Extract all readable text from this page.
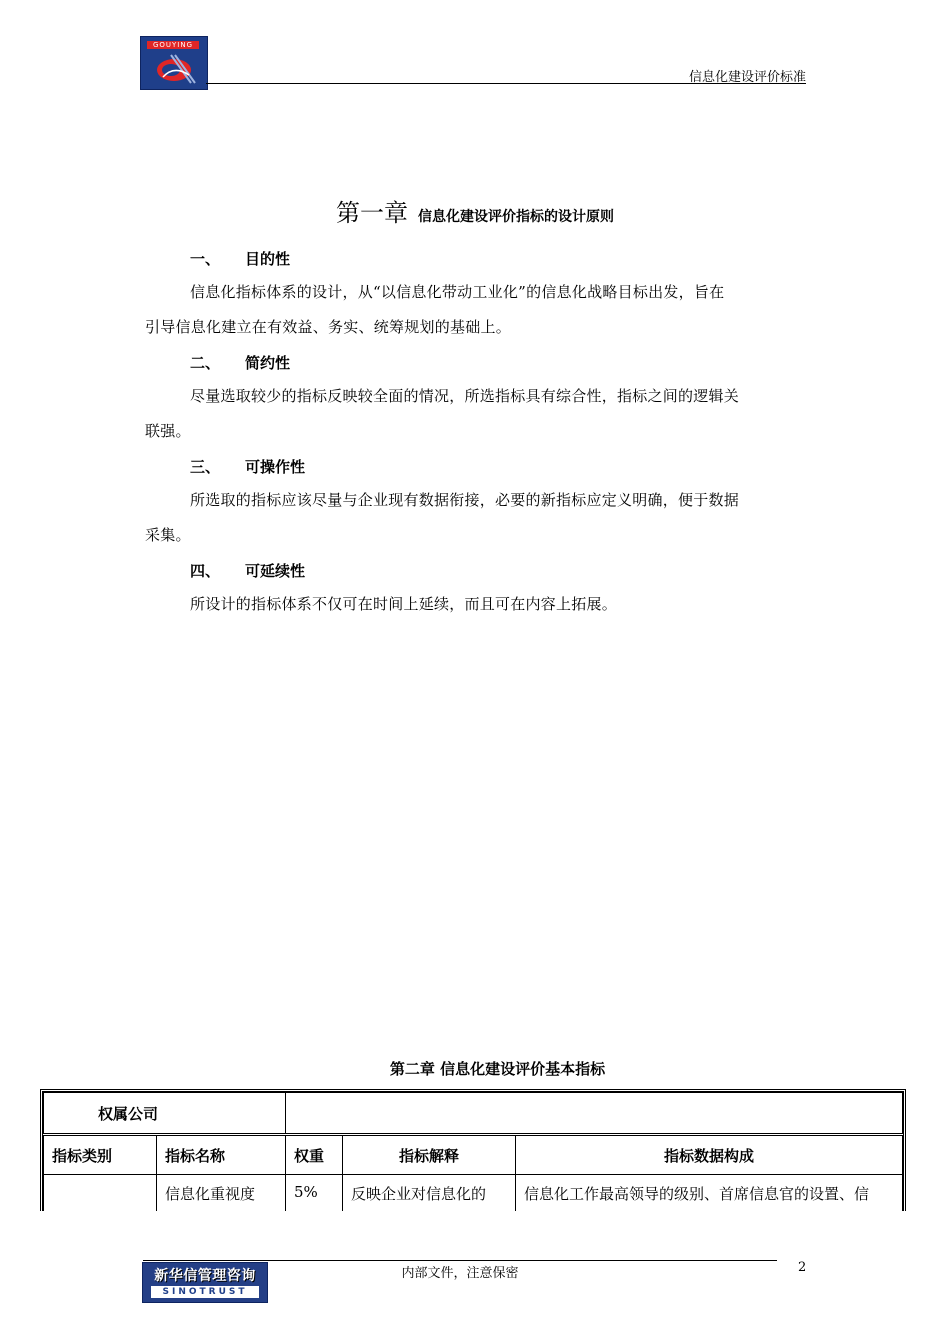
GOUYING
信息化建设评价标准
第一章 信息化建设评价指标的设计原则
一、 目的性
信息化指标体系的设计，从“以信息化带动工业化”的信息化战略目标出发，旨在
引导信息化建立在有效益、务实、统筹规划的基础上。
二、 简约性
尽量选取较少的指标反映较全面的情况，所选指标具有综合性，指标之间的逻辑关
联强。
三、 可操作性
所选取的指标应该尽量与企业现有数据衔接，必要的新指标应定义明确，便于数据
采集。
四、 可延续性
所设计的指标体系不仅可在时间上延续，而且可在内容上拓展。
第二章 信息化建设评价基本指标
权属公司				
指标类别	指标名称	权重	指标解释	指标数据构成
	信息化重视度	5%	反映企业对信息化的	信息化工作最高领导的级别、首席信息官的设置、信
新华信管理咨询
SINOTRUST
内部文件，注意保密	2
